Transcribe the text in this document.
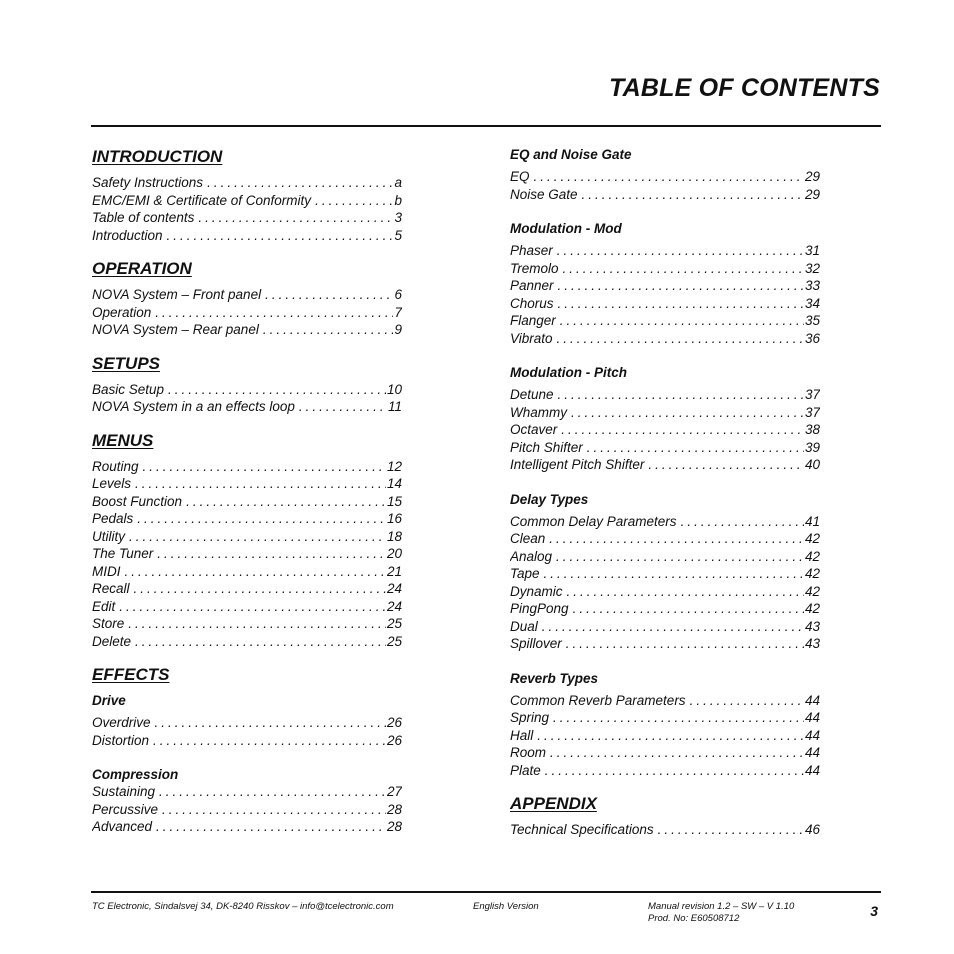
TABLE OF CONTENTS
INTRODUCTION
Safety Instructions .....	a
EMC/EMI & Certificate of Conformity .....	b
Table of contents .....	3
Introduction .....	5
OPERATION
NOVA System – Front panel .....	6
Operation .....	7
NOVA System – Rear panel .....	9
SETUPS
Basic Setup .....	10
NOVA System in a an effects loop .....	11
MENUS
Routing .....	12
Levels .....	14
Boost Function .....	15
Pedals .....	16
Utility .....	18
The Tuner .....	20
MIDI .....	21
Recall .....	24
Edit .....	24
Store .....	25
Delete .....	25
EFFECTS
Drive
Overdrive .....	26
Distortion .....	26
Compression
Sustaining .....	27
Percussive .....	28
Advanced .....	28
EQ and Noise Gate
EQ .....	29
Noise Gate .....	29
Modulation - Mod
Phaser .....	31
Tremolo .....	32
Panner .....	33
Chorus .....	34
Flanger .....	35
Vibrato .....	36
Modulation - Pitch
Detune .....	37
Whammy .....	37
Octaver .....	38
Pitch Shifter .....	39
Intelligent Pitch Shifter .....	40
Delay Types
Common Delay Parameters .....	41
Clean .....	42
Analog .....	42
Tape .....	42
Dynamic .....	42
PingPong .....	42
Dual .....	43
Spillover .....	43
Reverb Types
Common Reverb Parameters .....	44
Spring .....	44
Hall .....	44
Room .....	44
Plate .....	44
APPENDIX
Technical Specifications .....	46
TC Electronic, Sindalsvej 34, DK-8240 Risskov – info@tcelectronic.com	English Version	Manual revision 1.2 – SW – V 1.10
Prod. No: E60508712	3
